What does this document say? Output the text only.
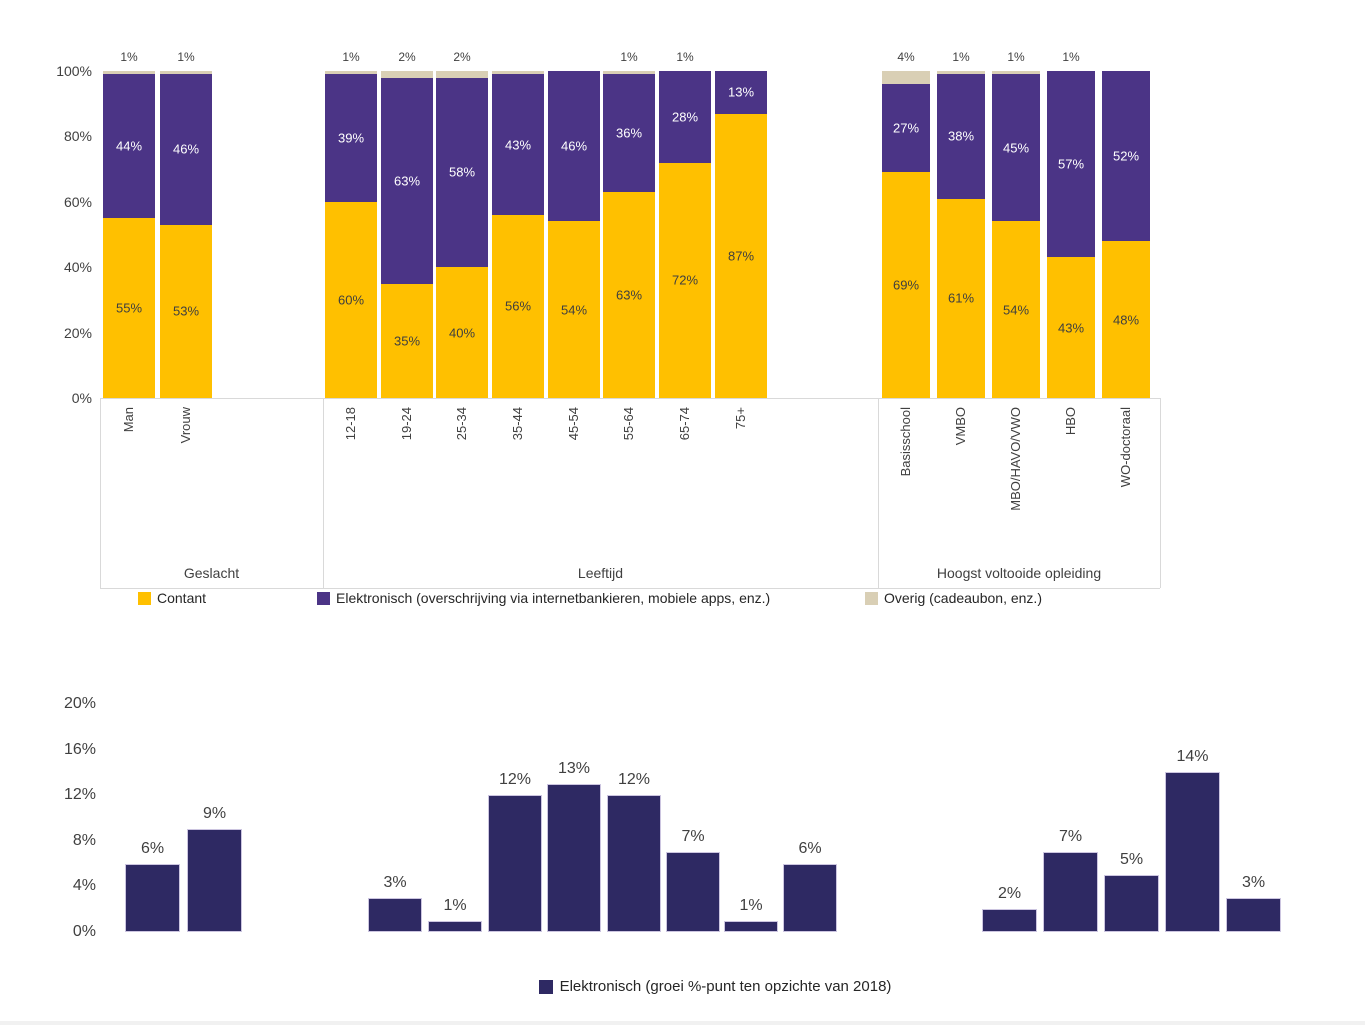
0%
20%
40%
60%
80%
100%
44%
55%
1%
Man
46%
53%
1%
Vrouw
Geslacht
39%
60%
1%
12-18
63%
35%
2%
19-24
58%
40%
2%
25-34
43%
56%
35-44
46%
54%
45-54
36%
63%
1%
55-64
28%
72%
1%
65-74
13%
87%
75+
Leeftijd
27%
69%
4%
Basisschool
38%
61%
1%
VMBO
45%
54%
1%
MBO/HAVO/VWO
57%
43%
1%
HBO
52%
48%
WO-doctoraal
Hoogst voltooide opleiding
Contant	Elektronisch (overschrijving via internetbankieren, mobiele apps, enz.)	Overig (cadeaubon, enz.)
0%
4%
8%
12%
16%
20%
6%
9%
3%
1%
12%
13%
12%
7%
1%
6%
2%
7%
5%
14%
3%
Elektronisch (groei %-punt ten opzichte van 2018)
